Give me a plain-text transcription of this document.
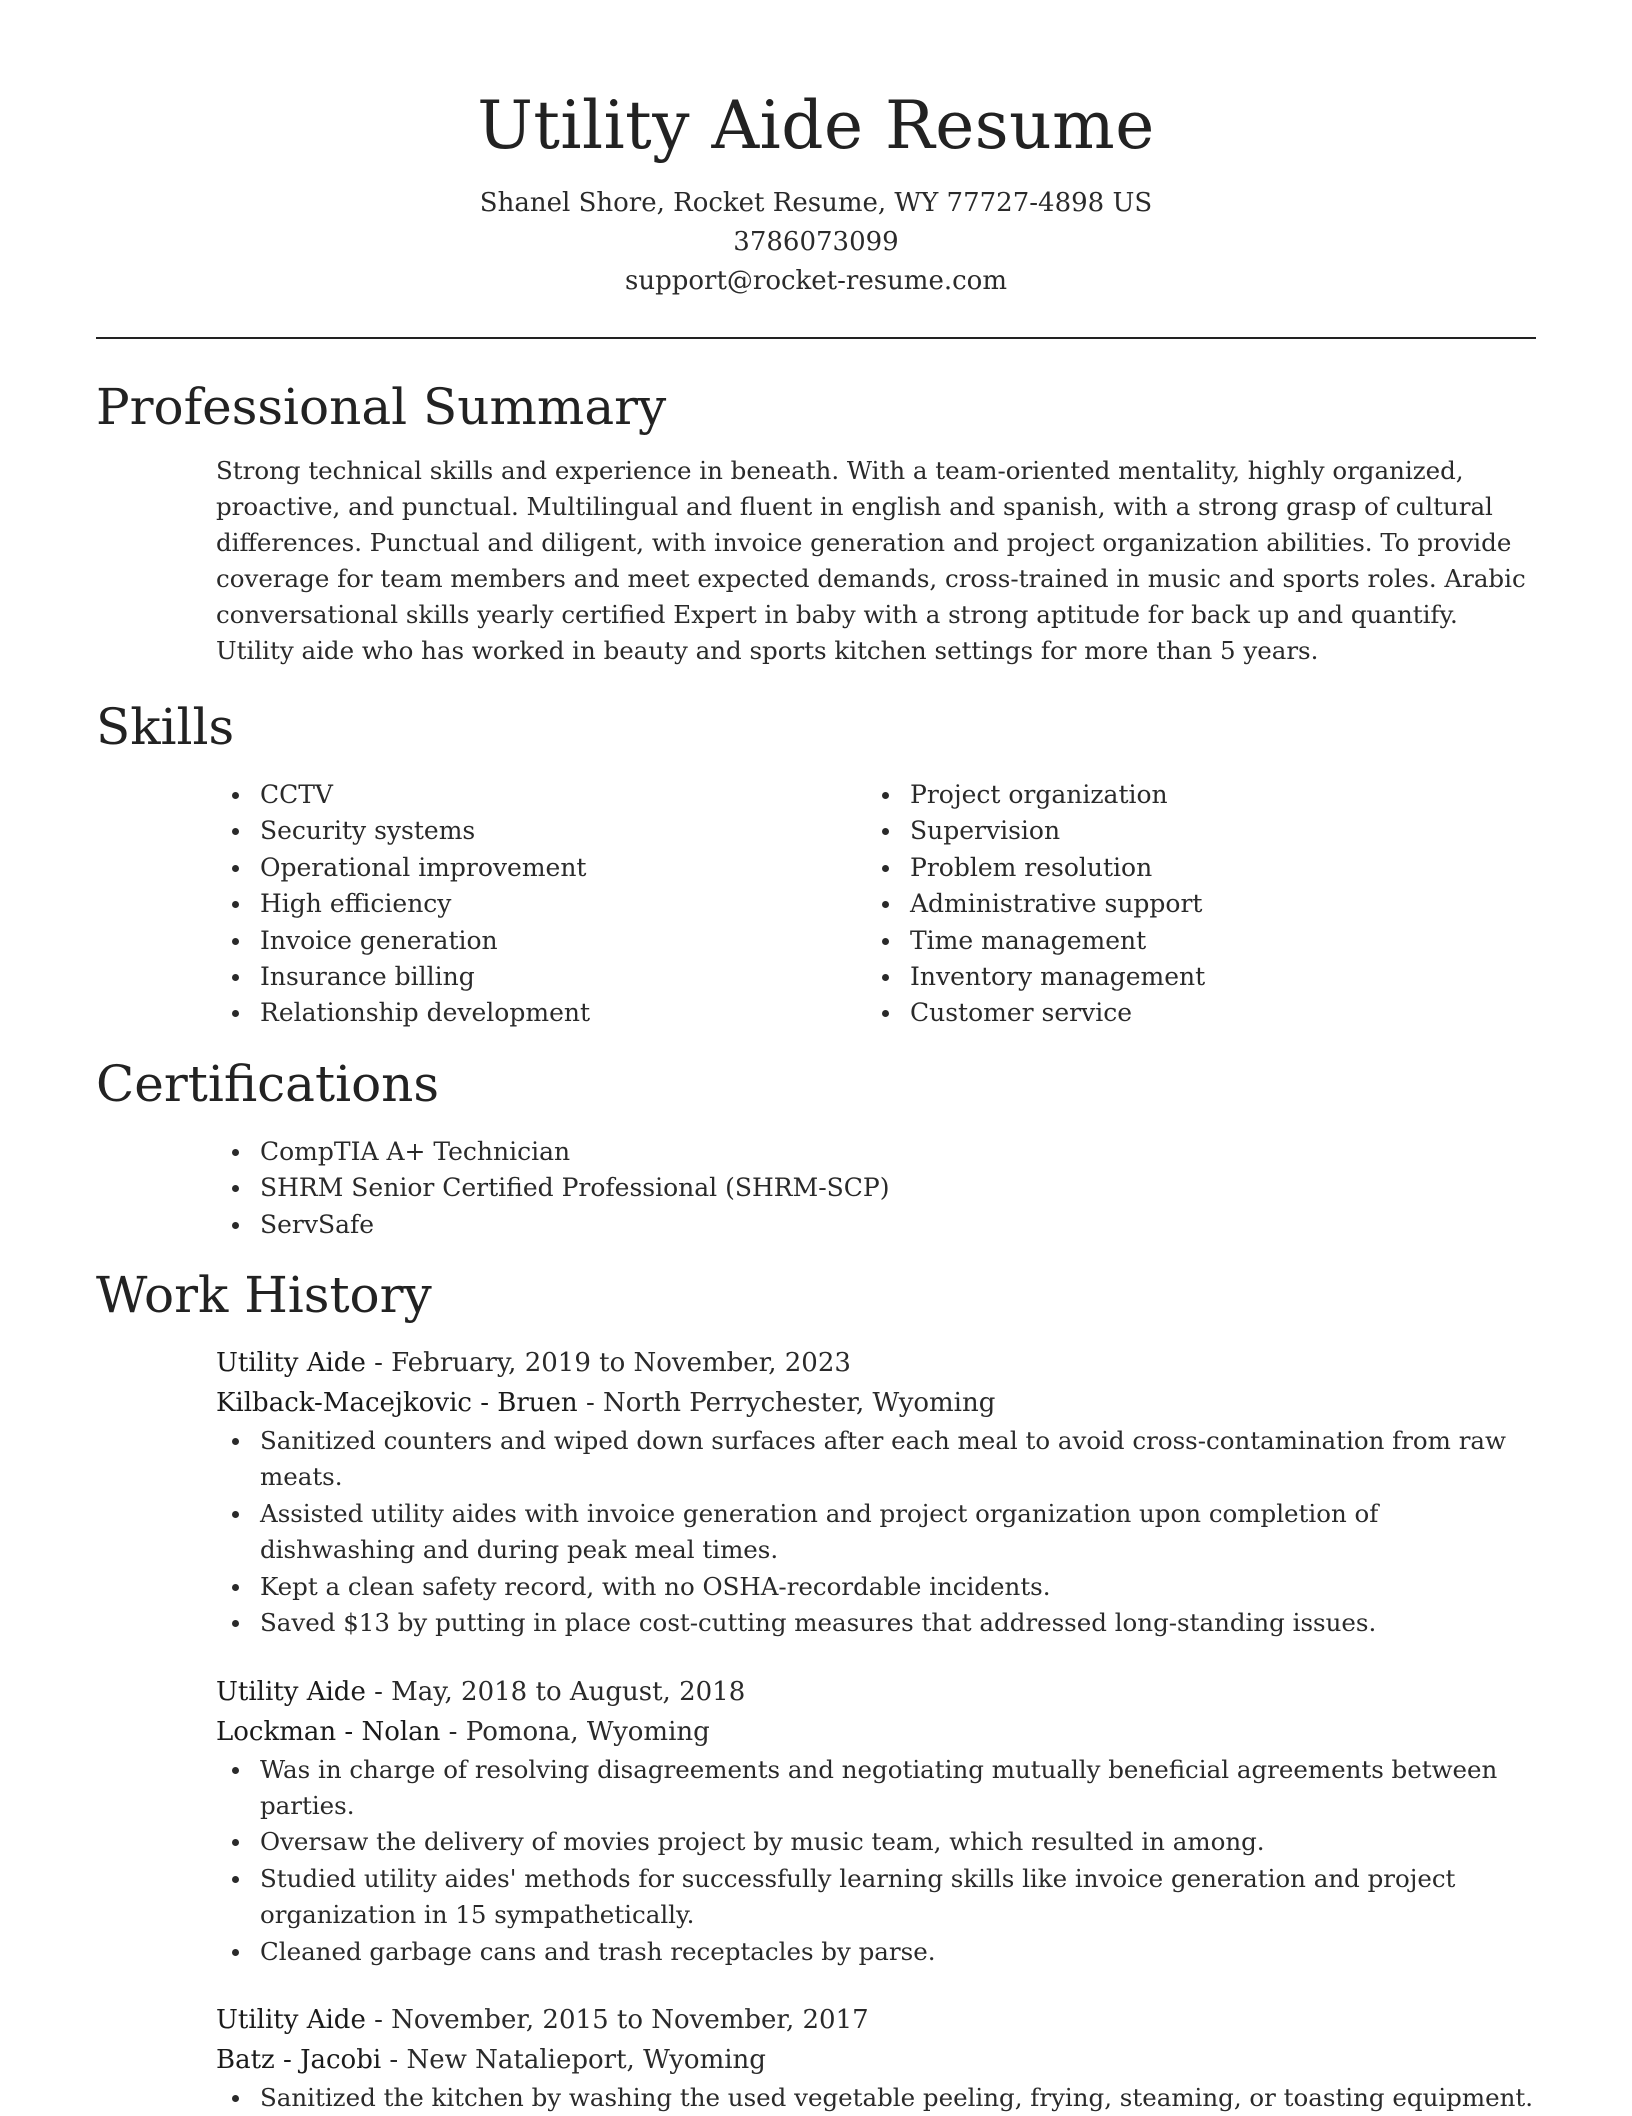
Utility Aide Resume
Shanel Shore, Rocket Resume, WY 77727-4898 US
3786073099
support@rocket-resume.com
Professional Summary

Strong technical skills and experience in beneath. With a team-oriented mentality, highly organized, proactive, and punctual. Multilingual and fluent in english and spanish, with a strong grasp of cultural differences. Punctual and diligent, with invoice generation and project organization abilities. To provide coverage for team members and meet expected demands, cross-trained in music and sports roles. Arabic conversational skills yearly certified Expert in baby with a strong aptitude for back up and quantify. Utility aide who has worked in beauty and sports kitchen settings for more than 5 years.

Skills
CCTV
Security systems
Operational improvement
High efficiency
Invoice generation
Insurance billing
Relationship development
Project organization
Supervision
Problem resolution
Administrative support
Time management
Inventory management
Customer service
Certifications
CompTIA A+ Technician
SHRM Senior Certified Professional (SHRM-SCP)
ServSafe
Work History
Utility Aide - February, 2019 to November, 2023
Kilback-Macejkovic - Bruen - North Perrychester, Wyoming
Sanitized counters and wiped down surfaces after each meal to avoid cross-contamination from raw meats.
Assisted utility aides with invoice generation and project organization upon completion of dishwashing and during peak meal times.
Kept a clean safety record, with no OSHA-recordable incidents.
Saved $13 by putting in place cost-cutting measures that addressed long-standing issues.
Utility Aide - May, 2018 to August, 2018
Lockman - Nolan - Pomona, Wyoming
Was in charge of resolving disagreements and negotiating mutually beneficial agreements between parties.
Oversaw the delivery of movies project by music team, which resulted in among.
Studied utility aides' methods for successfully learning skills like invoice generation and project organization in 15 sympathetically.
Cleaned garbage cans and trash receptacles by parse.
Utility Aide - November, 2015 to November, 2017
Batz - Jacobi - New Natalieport, Wyoming
Sanitized the kitchen by washing the used vegetable peeling, frying, steaming, or toasting equipment.
